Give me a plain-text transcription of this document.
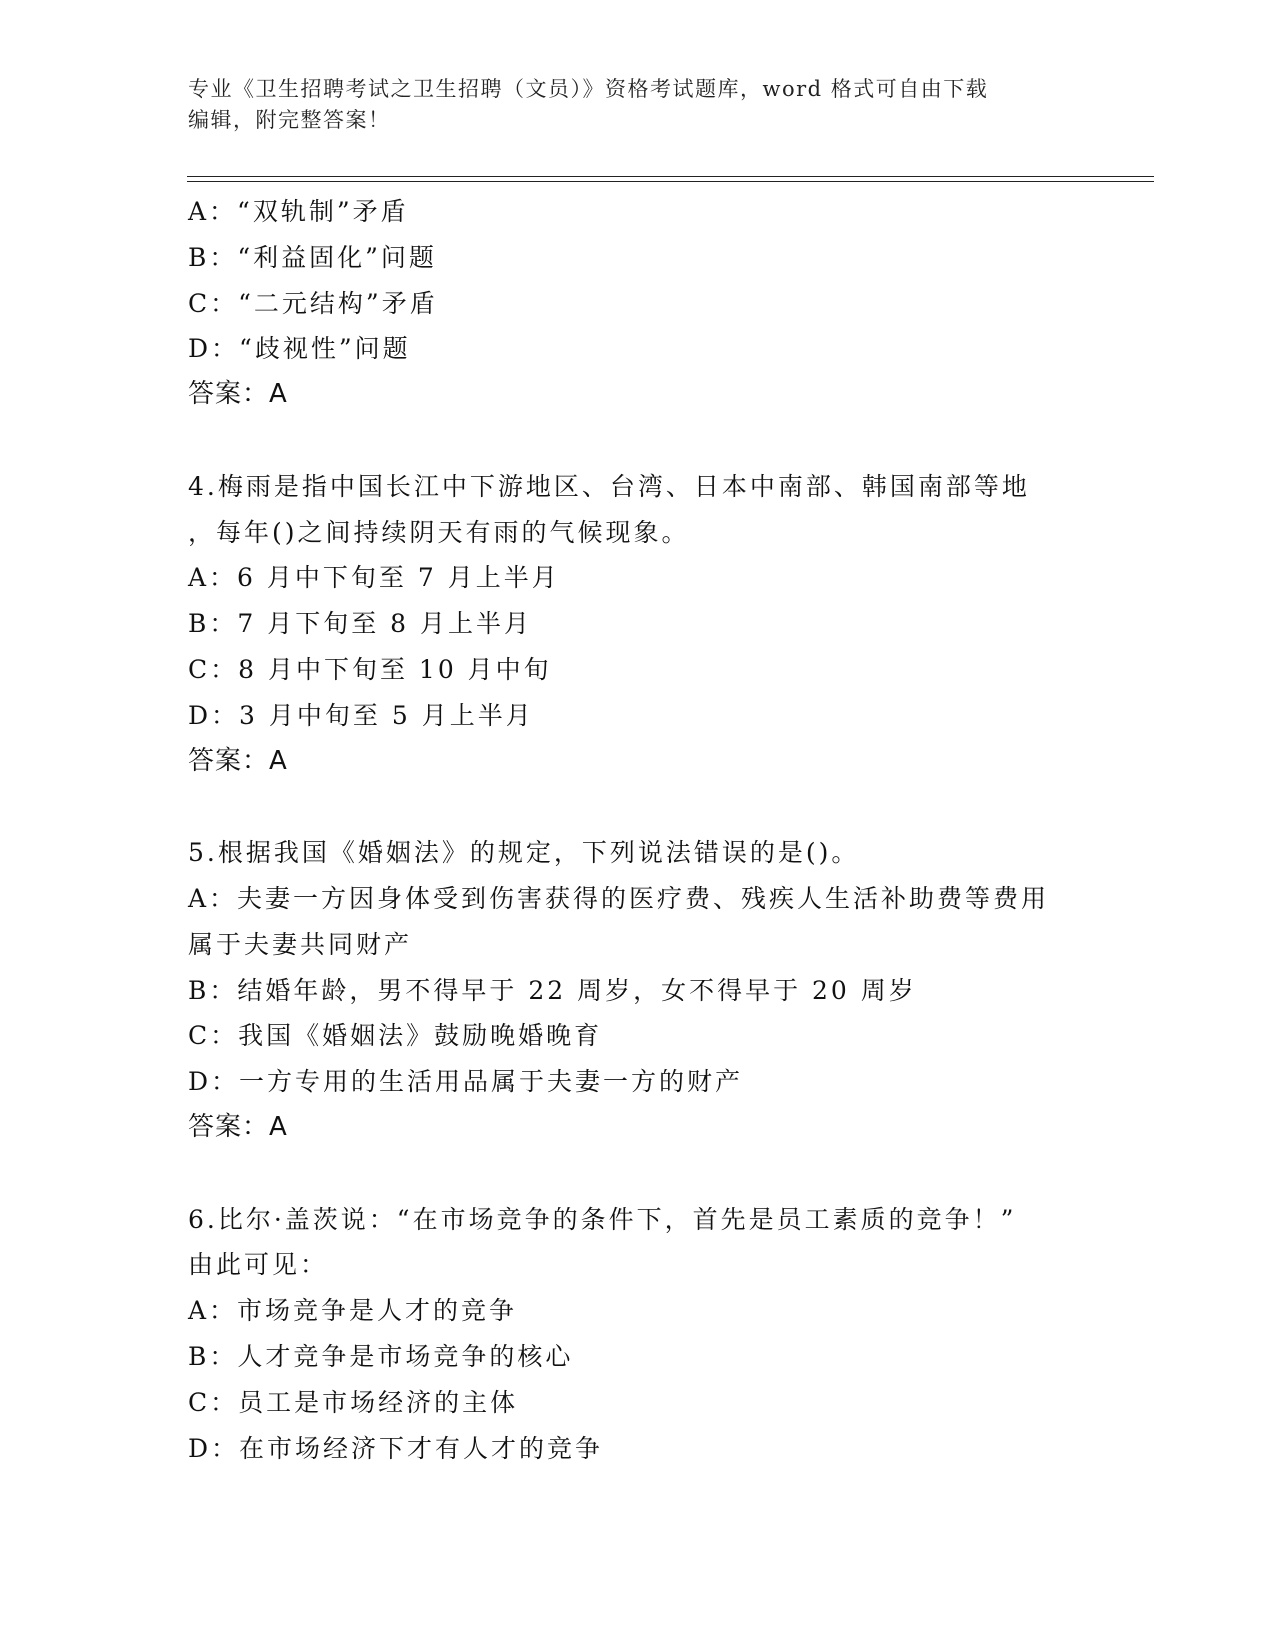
专业《卫生招聘考试之卫生招聘（文员）》资格考试题库，word 格式可自由下载
编辑，附完整答案！
A：“双轨制”矛盾
B：“利益固化”问题
C：“二元结构”矛盾
D：“歧视性”问题
答案：A
4.梅雨是指中国长江中下游地区、台湾、日本中南部、韩国南部等地
，每年()之间持续阴天有雨的气候现象。
A：6 月中下旬至 7 月上半月
B：7 月下旬至 8 月上半月
C：8 月中下旬至 10 月中旬
D：3 月中旬至 5 月上半月
答案：A
5.根据我国《婚姻法》的规定，下列说法错误的是()。
A：夫妻一方因身体受到伤害获得的医疗费、残疾人生活补助费等费用
属于夫妻共同财产
B：结婚年龄，男不得早于 22 周岁，女不得早于 20 周岁
C：我国《婚姻法》鼓励晚婚晚育
D：一方专用的生活用品属于夫妻一方的财产
答案：A
6.比尔·盖茨说：“在市场竞争的条件下，首先是员工素质的竞争！”
由此可见：
A：市场竞争是人才的竞争
B：人才竞争是市场竞争的核心
C：员工是市场经济的主体
D：在市场经济下才有人才的竞争
